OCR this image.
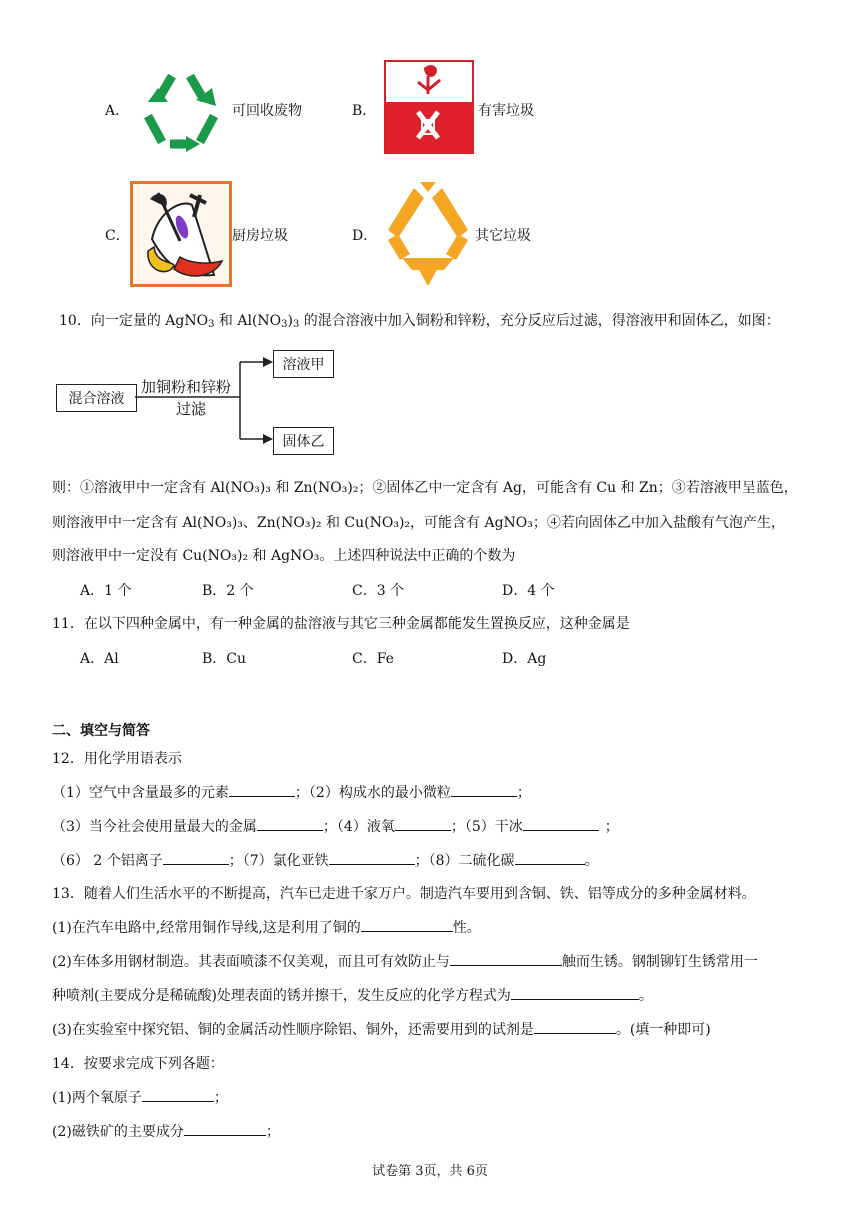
A．	可回收废物	B．	有害垃圾
C．	厨房垃圾	D．	其它垃圾
10．向一定量的 AgNO$_3$ 和 $Al(NO_3)_3$ 的混合溶液中加入铜粉和锌粉，充分反应后过滤，得溶液甲和固体乙，如图：
混合溶液
加铜粉和锌粉
过滤
溶液甲
固体乙
则：①溶液甲中一定含有 Al(NO₃)₃ 和 Zn(NO₃)₂；②固体乙中一定含有 Ag，可能含有 Cu 和 Zn；③若溶液甲呈蓝色，
则溶液甲中一定含有 Al(NO₃)₃、Zn(NO₃)₂ 和 Cu(NO₃)₂，可能含有 AgNO₃；④若向固体乙中加入盐酸有气泡产生，
则溶液甲中一定没有 Cu(NO₃)₂ 和 AgNO₃。上述四种说法中正确的个数为
A．1 个	B．2 个	C．3 个	D．4 个
11．在以下四种金属中，有一种金属的盐溶液与其它三种金属都能发生置换反应，这种金属是
A．Al	B．Cu	C．Fe	D．Ag
二、填空与简答
12．用化学用语表示
（1）空气中含量最多的元素	；（2）构成水的最小微粒	；
（3）当今社会使用量最大的金属	；（4）液氧	；（5）干冰	；
（6） 2 个铝离子	；（7）氯化亚铁	；（8）二硫化碳	。
13．随着人们生活水平的不断提高，汽车已走进千家万户。制造汽车要用到含铜、铁、铝等成分的多种金属材料。
(1)在汽车电路中,经常用铜作导线,这是利用了铜的	性。
(2)车体多用钢材制造。其表面喷漆不仅美观，而且可有效防止与	触而生锈。钢制铆钉生锈常用一
种喷剂(主要成分是稀硫酸)处理表面的锈并擦干，发生反应的化学方程式为	。
(3)在实验室中探究铝、铜的金属活动性顺序除铝、铜外，还需要用到的试剂是	。(填一种即可)
14．按要求完成下列各题：
(1)两个氧原子	；
(2)磁铁矿的主要成分	；
试卷第 3页，共 6页
